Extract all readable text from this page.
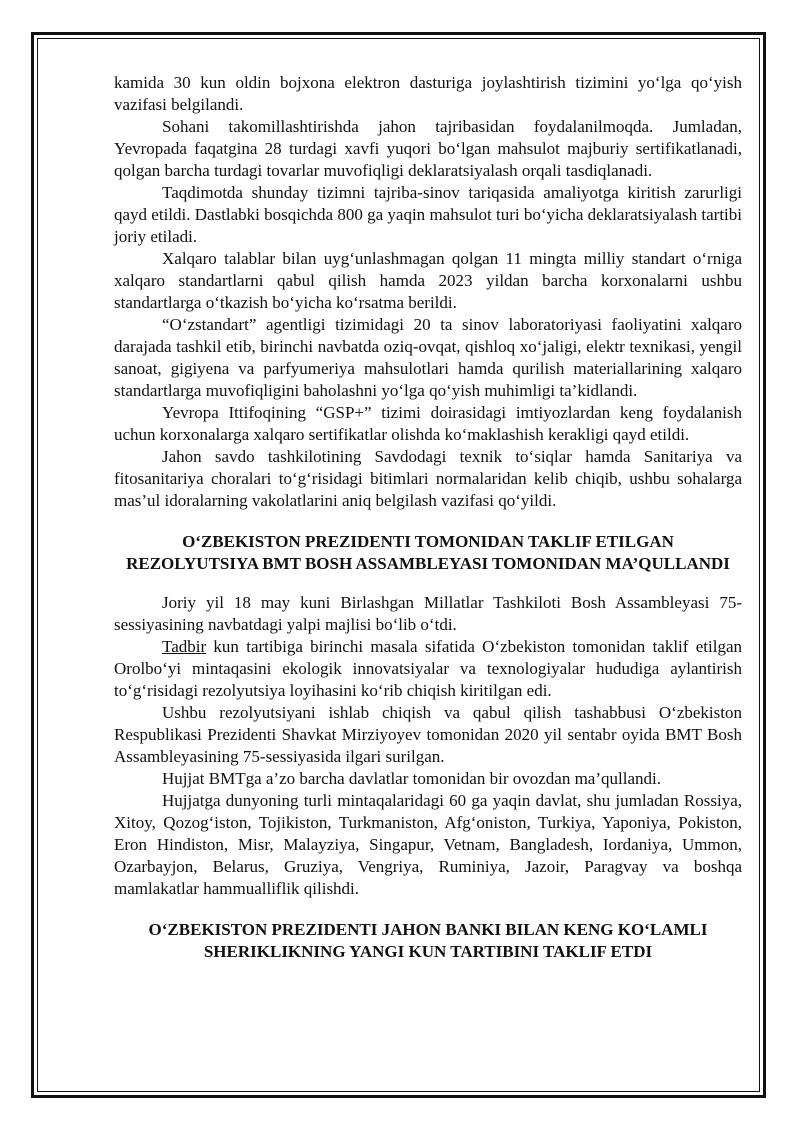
kamida 30 kun oldin bojxona elektron dasturiga joylashtirish tizimini yo‘lga qo‘yish vazifasi belgilandi.

Sohani takomillashtirishda jahon tajribasidan foydalanilmoqda. Jumladan, Yevropada faqatgina 28 turdagi xavfi yuqori bo‘lgan mahsulot majburiy sertifikatlanadi, qolgan barcha turdagi tovarlar muvofiqligi deklaratsiyalash orqali tasdiqlanadi.

Taqdimotda shunday tizimni tajriba-sinov tariqasida amaliyotga kiritish zarurligi qayd etildi. Dastlabki bosqichda 800 ga yaqin mahsulot turi bo‘yicha deklaratsiyalash tartibi joriy etiladi.

Xalqaro talablar bilan uyg‘unlashmagan qolgan 11 mingta milliy standart o‘rniga xalqaro standartlarni qabul qilish hamda 2023 yildan barcha korxonalarni ushbu standartlarga o‘tkazish bo‘yicha ko‘rsatma berildi.

“O‘zstandart” agentligi tizimidagi 20 ta sinov laboratoriyasi faoliyatini xalqaro darajada tashkil etib, birinchi navbatda oziq-ovqat, qishloq xo‘jaligi, elektr texnikasi, yengil sanoat, gigiyena va parfyumeriya mahsulotlari hamda qurilish materiallarining xalqaro standartlarga muvofiqligini baholashni yo‘lga qo‘yish muhimligi ta’kidlandi.

Yevropa Ittifoqining “GSP+” tizimi doirasidagi imtiyozlardan keng foydalanish uchun korxonalarga xalqaro sertifikatlar olishda ko‘maklashish kerakligi qayd etildi.

Jahon savdo tashkilotining Savdodagi texnik to‘siqlar hamda Sanitariya va fitosanitariya choralari to‘g‘risidagi bitimlari normalaridan kelib chiqib, ushbu sohalarga mas’ul idoralarning vakolatlarini aniq belgilash vazifasi qo‘yildi.

O‘ZBEKISTON PREZIDENTI TOMONIDAN TAKLIF ETILGAN REZOLYUTSIYA BMT BOSH ASSAMBLEYASI TOMONIDAN MA’QULLANDI

Joriy yil 18 may kuni Birlashgan Millatlar Tashkiloti Bosh Assambleyasi 75-sessiyasining navbatdagi yalpi majlisi bo‘lib o‘tdi.

Tadbir kun tartibiga birinchi masala sifatida O‘zbekiston tomonidan taklif etilgan Orolbo‘yi mintaqasini ekologik innovatsiyalar va texnologiyalar hududiga aylantirish to‘g‘risidagi rezolyutsiya loyihasini ko‘rib chiqish kiritilgan edi.

Ushbu rezolyutsiyani ishlab chiqish va qabul qilish tashabbusi O‘zbekiston Respublikasi Prezidenti Shavkat Mirziyoyev tomonidan 2020 yil sentabr oyida BMT Bosh Assambleyasining 75-sessiyasida ilgari surilgan.

Hujjat BMTga a’zo barcha davlatlar tomonidan bir ovozdan ma’qullandi.

Hujjatga dunyoning turli mintaqalaridagi 60 ga yaqin davlat, shu jumladan Rossiya, Xitoy, Qozog‘iston, Tojikiston, Turkmaniston, Afg‘oniston, Turkiya, Yaponiya, Pokiston, Eron Hindiston, Misr, Malayziya, Singapur, Vetnam, Bangladesh, Iordaniya, Ummon, Ozarbayjon, Belarus, Gruziya, Vengriya, Ruminiya, Jazoir, Paragvay va boshqa mamlakatlar hammualliflik qilishdi.

O‘ZBEKISTON PREZIDENTI JAHON BANKI BILAN KENG KO‘LAMLI SHERIKLIKNING YANGI KUN TARTIBINI TAKLIF ETDI
